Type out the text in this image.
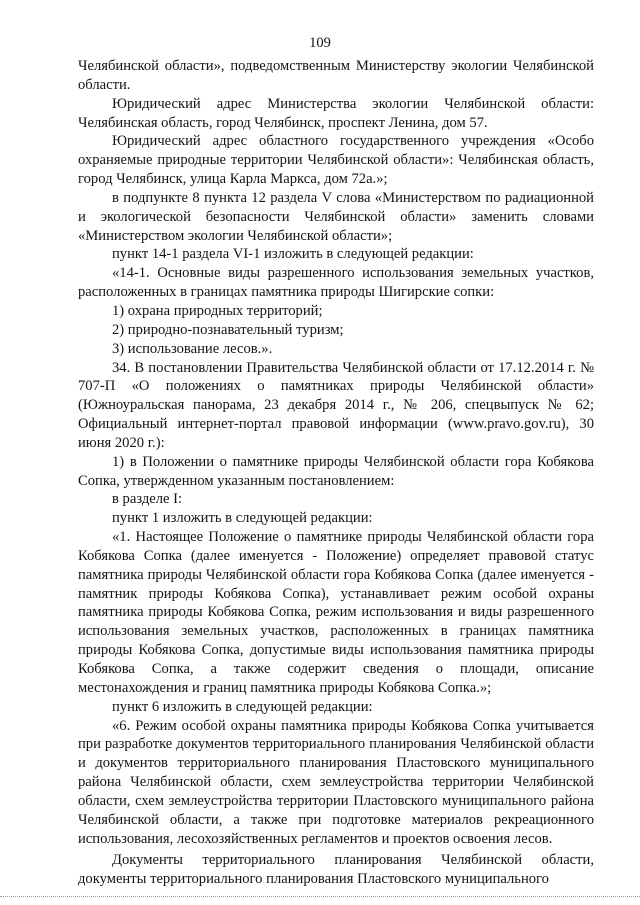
109

Челябинской области», подведомственным Министерству экологии Челябинской области.

Юридический адрес Министерства экологии Челябинской области: Челябинская область, город Челябинск, проспект Ленина, дом 57.

Юридический адрес областного государственного учреждения «Особо охраняемые природные территории Челябинской области»: Челябинская область, город Челябинск, улица Карла Маркса, дом 72а.»;

в подпункте 8 пункта 12 раздела V слова «Министерством по радиационной и экологической безопасности Челябинской области» заменить словами «Министерством экологии Челябинской области»;

пункт 14-1 раздела VI-1 изложить в следующей редакции:

«14-1. Основные виды разрешенного использования земельных участков, расположенных в границах памятника природы Шигирские сопки:

1) охрана природных территорий;

2) природно-познавательный туризм;

3) использование лесов.».

34. В постановлении Правительства Челябинской области от 17.12.2014 г. № 707-П «О положениях о памятниках природы Челябинской области» (Южноуральская панорама, 23 декабря 2014 г., № 206, спецвыпуск № 62; Официальный интернет-портал правовой информации (www.pravo.gov.ru), 30 июня 2020 г.):

1) в Положении о памятнике природы Челябинской области гора Кобякова Сопка, утвержденном указанным постановлением:

в разделе I:

пункт 1 изложить в следующей редакции:

«1. Настоящее Положение о памятнике природы Челябинской области гора Кобякова Сопка (далее именуется - Положение) определяет правовой статус памятника природы Челябинской области гора Кобякова Сопка (далее именуется - памятник природы Кобякова Сопка), устанавливает режим особой охраны памятника природы Кобякова Сопка, режим использования и виды разрешенного использования земельных участков, расположенных в границах памятника природы Кобякова Сопка, допустимые виды использования памятника природы Кобякова Сопка, а также содержит сведения о площади, описание местонахождения и границ памятника природы Кобякова Сопка.»;

пункт 6 изложить в следующей редакции:

«6. Режим особой охраны памятника природы Кобякова Сопка учитывается при разработке документов территориального планирования Челябинской области и документов территориального планирования Пластовского муниципального района Челябинской области, схем землеустройства территории Челябинской области, схем землеустройства территории Пластовского муниципального района Челябинской области, а также при подготовке материалов рекреационного использования, лесохозяйственных регламентов и проектов освоения лесов.

Документы территориального планирования Челябинской области, документы территориального планирования Пластовского муниципального
